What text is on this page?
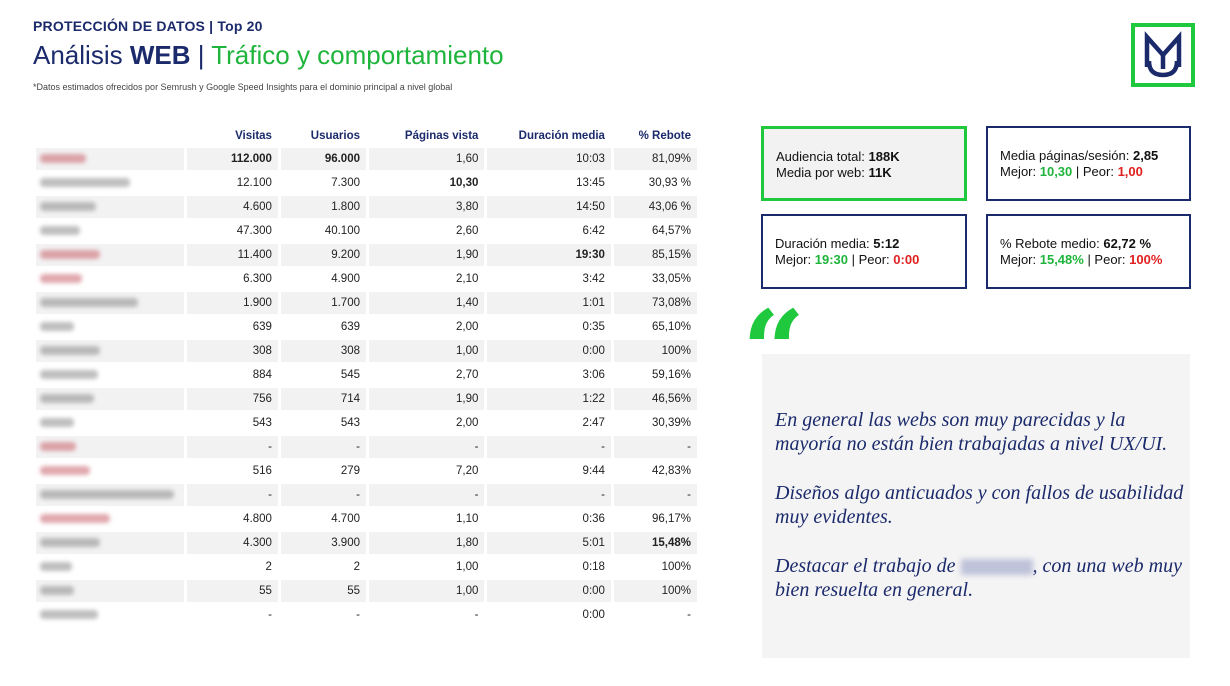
PROTECCIÓN DE DATOS | Top 20
Análisis WEB | Tráfico y comportamiento
*Datos estimados ofrecidos por Semrush y Google Speed Insights para el dominio principal a nivel global
	Visitas	Usuarios	Páginas vista	Duración media	% Rebote
	112.000	96.000	1,60	10:03	81,09%
	12.100	7.300	10,30	13:45	30,93 %
	4.600	1.800	3,80	14:50	43,06 %
	47.300	40.100	2,60	6:42	64,57%
	11.400	9.200	1,90	19:30	85,15%
	6.300	4.900	2,10	3:42	33,05%
	1.900	1.700	1,40	1:01	73,08%
	639	639	2,00	0:35	65,10%
	308	308	1,00	0:00	100%
	884	545	2,70	3:06	59,16%
	756	714	1,90	1:22	46,56%
	543	543	2,00	2:47	30,39%
	-	-	-	-	-
	516	279	7,20	9:44	42,83%
	-	-	-	-	-
	4.800	4.700	1,10	0:36	96,17%
	4.300	3.900	1,80	5:01	15,48%
	2	2	1,00	0:18	100%
	55	55	1,00	0:00	100%
	-	-	-	0:00	-
Audiencia total: 188K
Media por web: 11K
Media páginas/sesión: 2,85
Mejor: 10,30 | Peor: 1,00
Duración media: 5:12
Mejor: 19:30 | Peor: 0:00
% Rebote medio: 62,72 %
Mejor: 15,48% | Peor: 100%
“

En general las webs son muy parecidas y la mayoría no están bien trabajadas a nivel UX/UI.

Diseños algo anticuados y con fallos de usabilidad muy evidentes.

Destacar el trabajo de	, con una web muy bien resuelta en general.
